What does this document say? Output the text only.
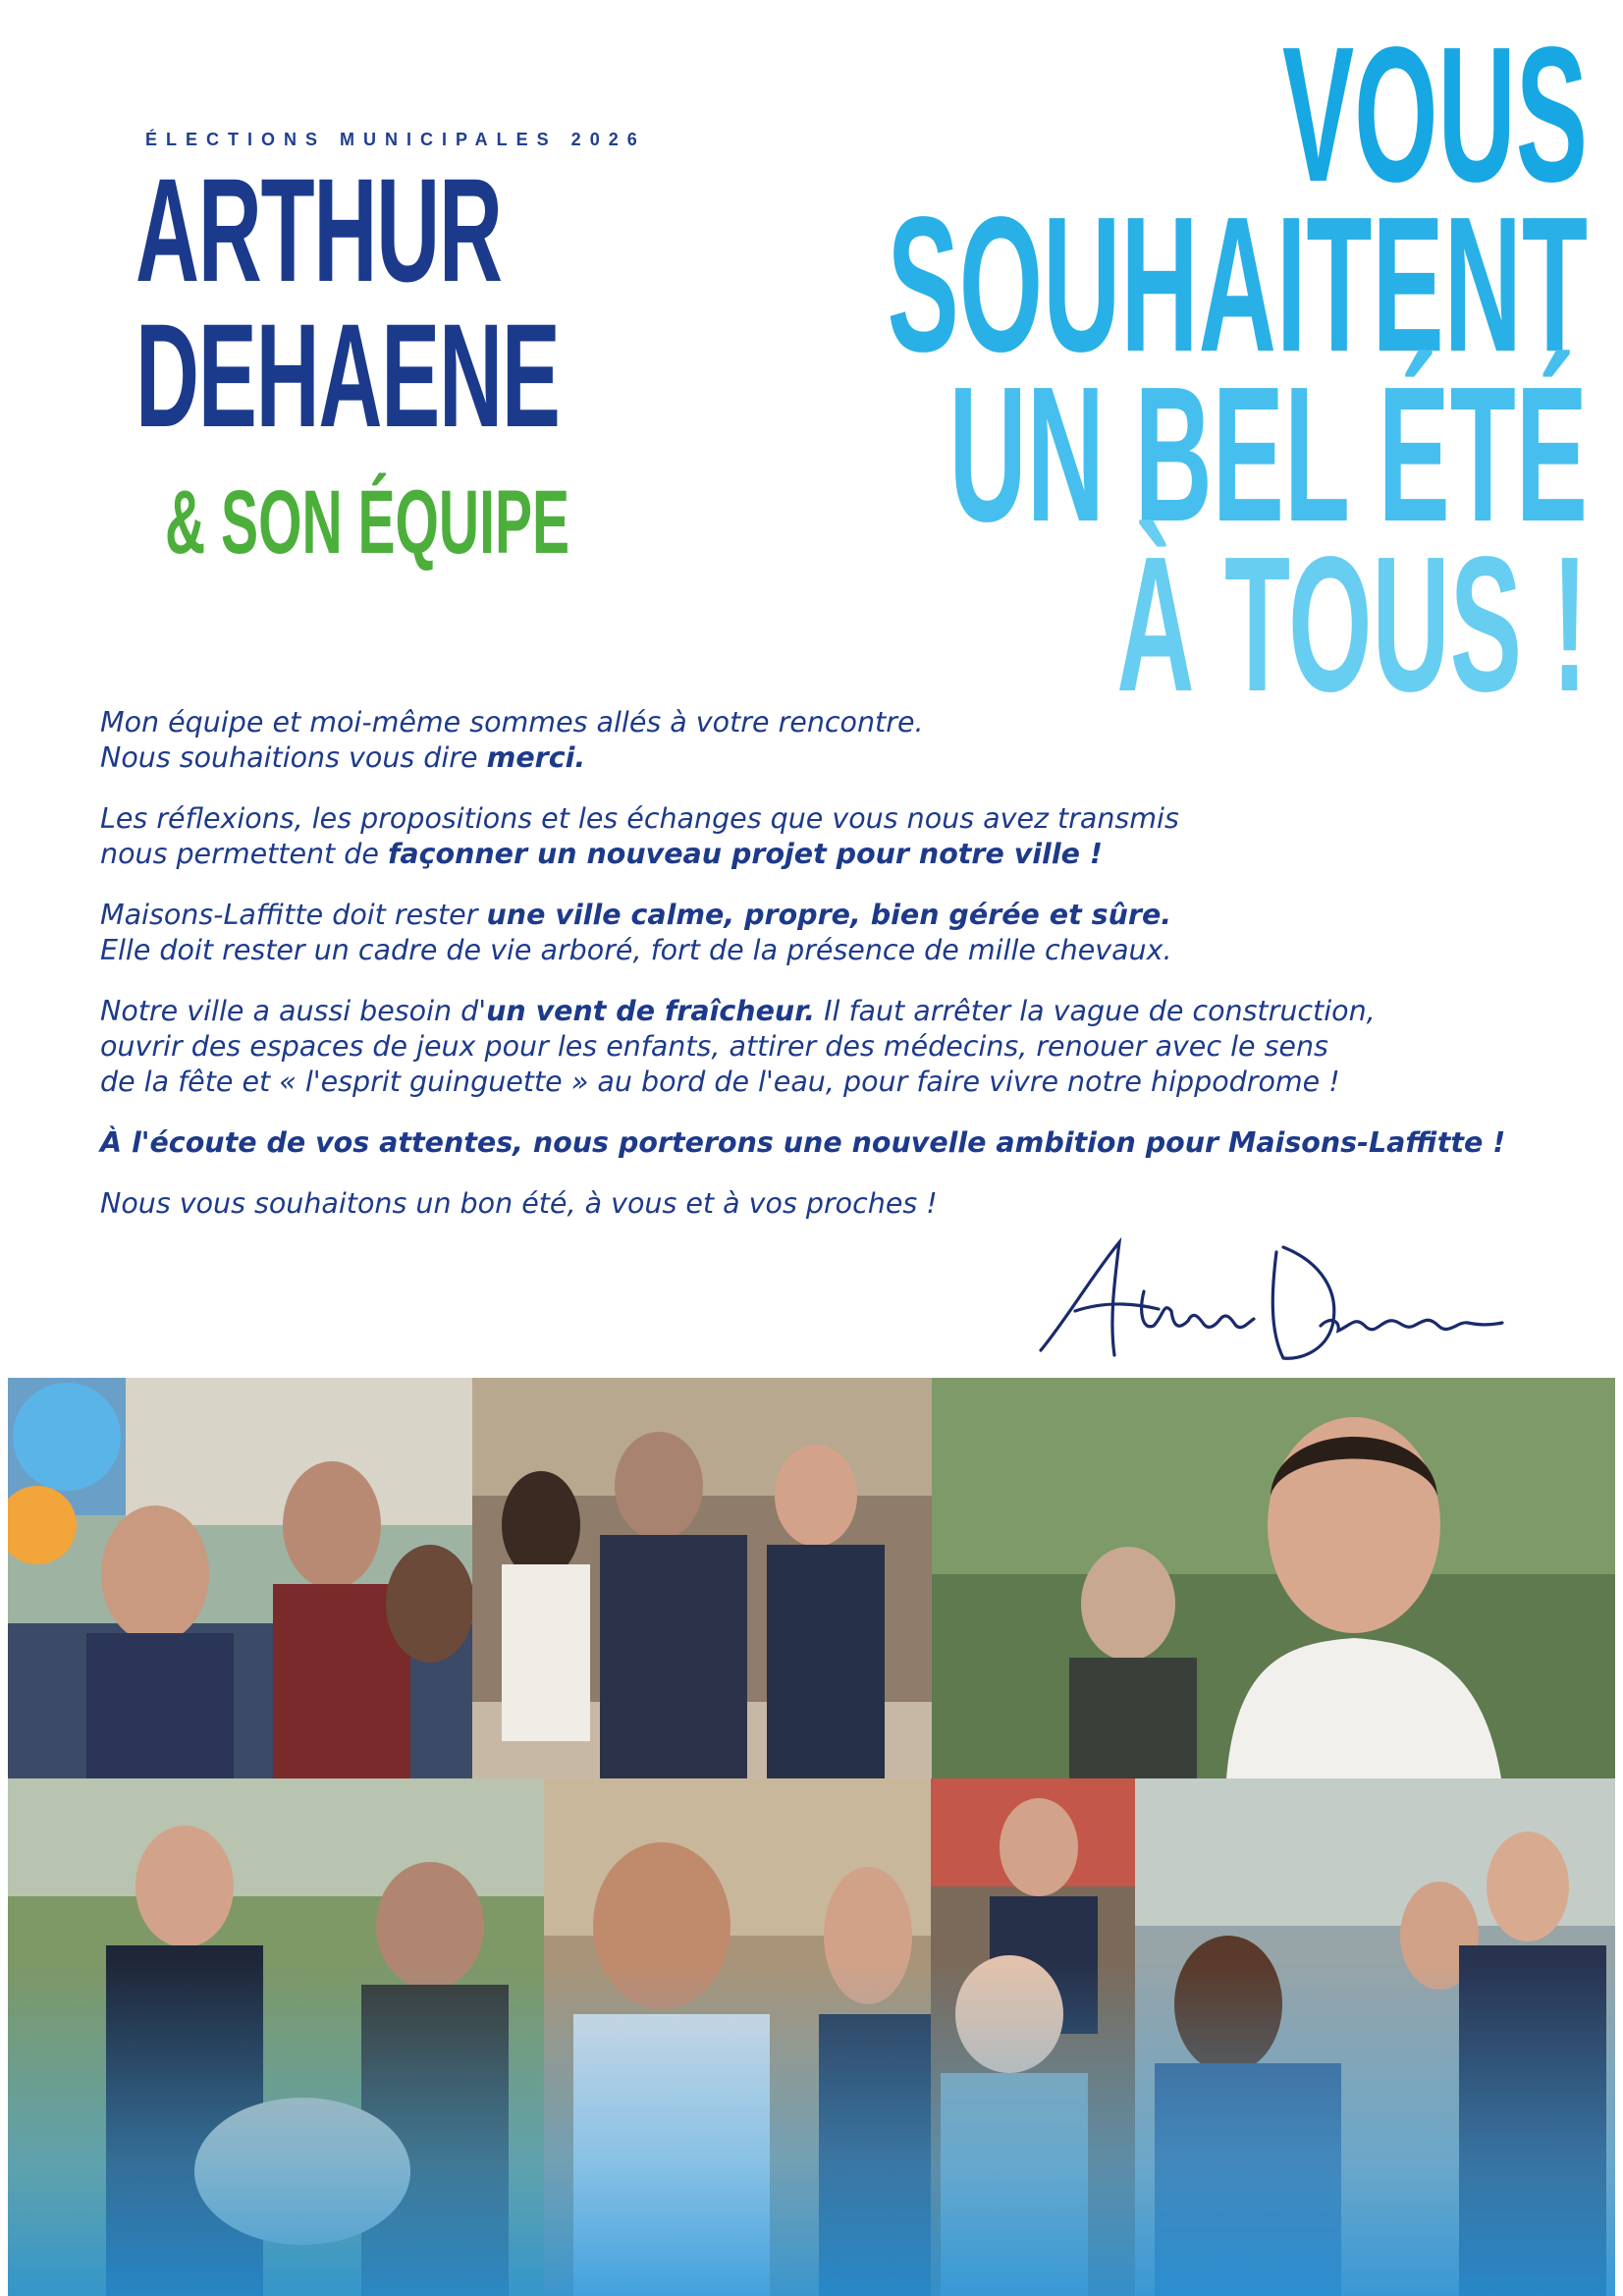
ÉLECTIONS MUNICIPALES 2026
ARTHUR
DEHAENE
& SON ÉQUIPE
VOUS
SOUHAITENT
UN BEL ÉTÉ
À TOUS !

Mon équipe et moi-même sommes allés à votre rencontre.
Nous souhaitions vous dire merci.

Les réflexions, les propositions et les échanges que vous nous avez transmis
nous permettent de façonner un nouveau projet pour notre ville !

Maisons-Laffitte doit rester une ville calme, propre, bien gérée et sûre.
Elle doit rester un cadre de vie arboré, fort de la présence de mille chevaux.

Notre ville a aussi besoin d'un vent de fraîcheur. Il faut arrêter la vague de construction,
ouvrir des espaces de jeux pour les enfants, attirer des médecins, renouer avec le sens
de la fête et « l'esprit guinguette » au bord de l'eau, pour faire vivre notre hippodrome !

À l'écoute de vos attentes, nous porterons une nouvelle ambition pour Maisons-Laffitte !

Nous vous souhaitons un bon été, à vous et à vos proches !
